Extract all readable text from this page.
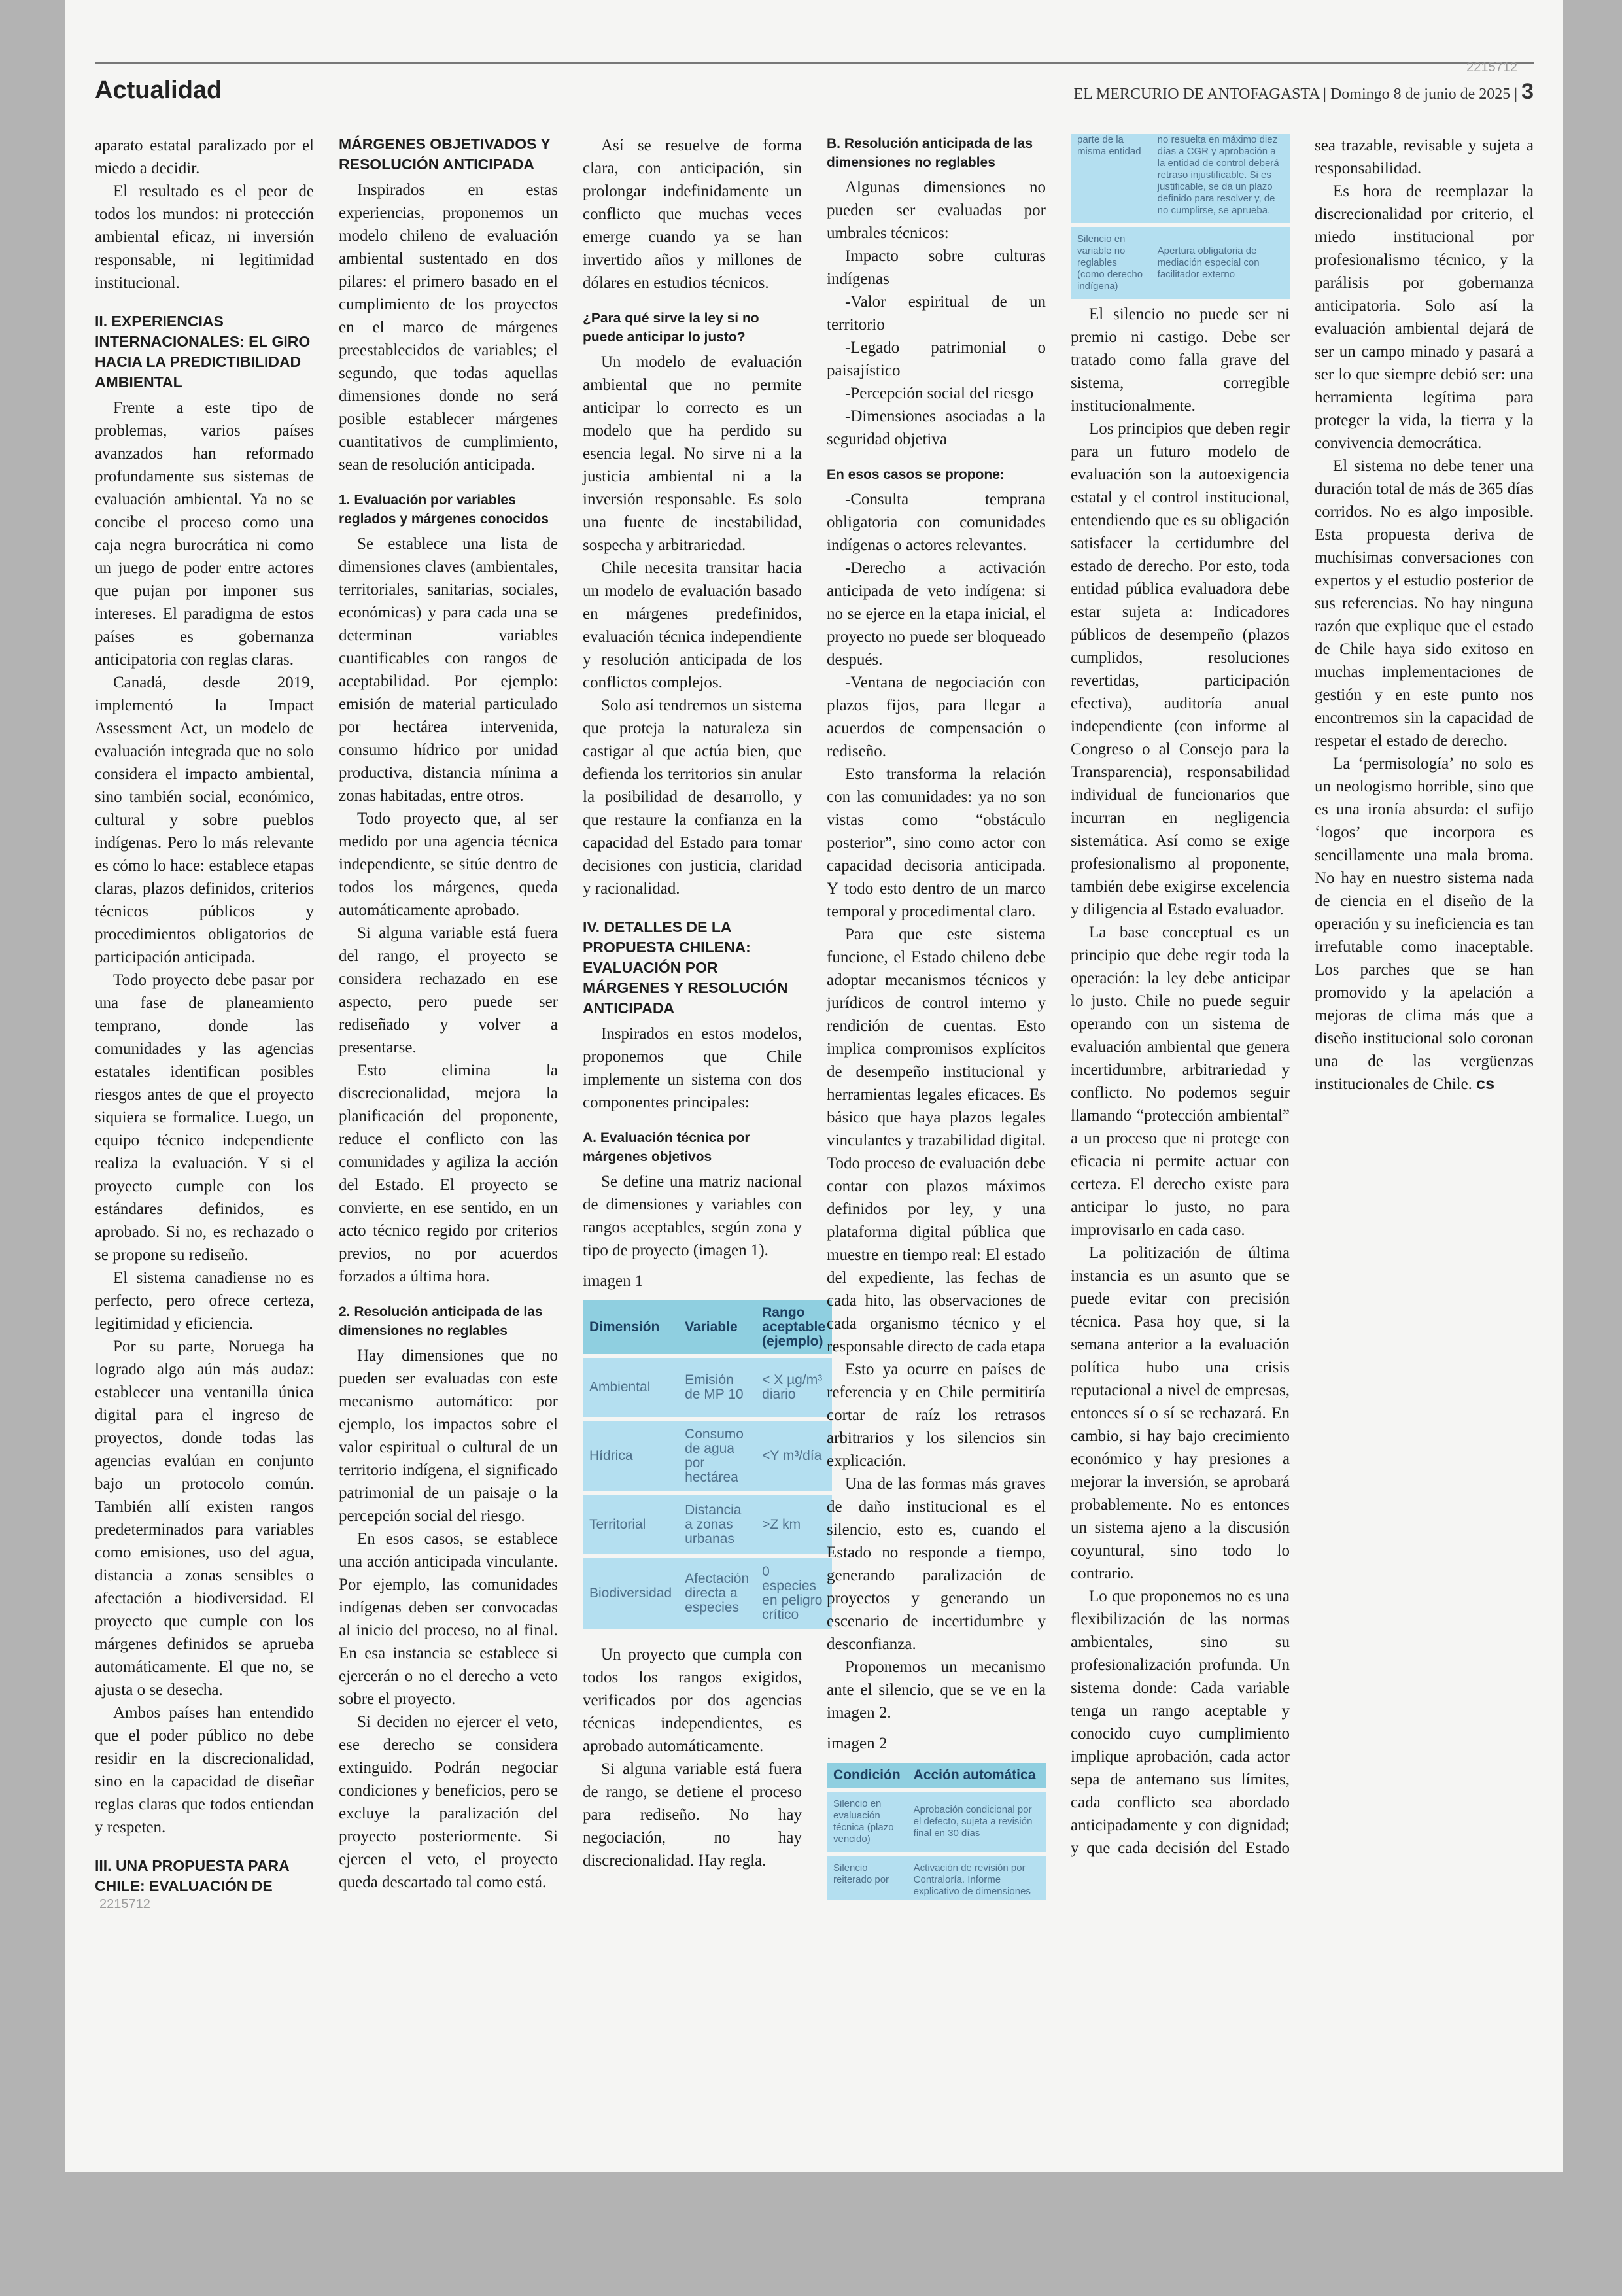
Actualidad	EL MERCURIO DE ANTOFAGASTA | Domingo 8 de junio de 2025 | 3
2215712

aparato estatal paralizado por el miedo a decidir.

El resultado es el peor de todos los mundos: ni protección ambiental eficaz, ni inversión responsable, ni legitimidad institucional.

II. EXPERIENCIAS INTERNACIONALES: EL GIRO HACIA LA PREDICTIBILIDAD AMBIENTAL

Frente a este tipo de problemas, varios países avanzados han reformado profundamente sus sistemas de evaluación ambiental. Ya no se concibe el proceso como una caja negra burocrática ni como un juego de poder entre actores que pujan por imponer sus intereses. El paradigma de estos países es gobernanza anticipatoria con reglas claras.

Canadá, desde 2019, implementó la Impact Assessment Act, un modelo de evaluación integrada que no solo considera el impacto ambiental, sino también social, económico, cultural y sobre pueblos indígenas. Pero lo más relevante es cómo lo hace: establece etapas claras, plazos definidos, criterios técnicos públicos y procedimientos obligatorios de participación anticipada.

Todo proyecto debe pasar por una fase de planeamiento temprano, donde las comunidades y las agencias estatales identifican posibles riesgos antes de que el proyecto siquiera se formalice. Luego, un equipo técnico independiente realiza la evaluación. Y si el proyecto cumple con los estándares definidos, es aprobado. Si no, es rechazado o se propone su rediseño.

El sistema canadiense no es perfecto, pero ofrece certeza, legitimidad y eficiencia.

Por su parte, Noruega ha logrado algo aún más audaz: establecer una ventanilla única digital para el ingreso de proyectos, donde todas las agencias evalúan en conjunto bajo un protocolo común. También allí existen rangos predeterminados para variables como emisiones, uso del agua, distancia a zonas sensibles o afectación a biodiversidad. El proyecto que cumple con los márgenes definidos se aprueba automáticamente. El que no, se ajusta o se desecha.

Ambos países han entendido que el poder público no debe residir en la discrecionalidad, sino en la capacidad de diseñar reglas claras que todos entiendan y respeten.

III. UNA PROPUESTA PARA CHILE: EVALUACIÓN DE MÁRGENES OBJETIVADOS Y RESOLUCIÓN ANTICIPADA

Inspirados en estas experiencias, proponemos un modelo chileno de evaluación ambiental sustentado en dos pilares: el primero basado en el cumplimiento de los proyectos en el marco de márgenes preestablecidos de variables; el segundo, que todas aquellas dimensiones donde no será posible establecer márgenes cuantitativos de cumplimiento, sean de resolución anticipada.

1. Evaluación por variables reglados y márgenes conocidos

Se establece una lista de dimensiones claves (ambientales, territoriales, sanitarias, sociales, económicas) y para cada una se determinan variables cuantificables con rangos de aceptabilidad. Por ejemplo: emisión de material particulado por hectárea intervenida, consumo hídrico por unidad productiva, distancia mínima a zonas habitadas, entre otros.

Todo proyecto que, al ser medido por una agencia técnica independiente, se sitúe dentro de todos los márgenes, queda automáticamente aprobado.

Si alguna variable está fuera del rango, el proyecto se considera rechazado en ese aspecto, pero puede ser rediseñado y volver a presentarse.

Esto elimina la discrecionalidad, mejora la planificación del proponente, reduce el conflicto con las comunidades y agiliza la acción del Estado. El proyecto se convierte, en ese sentido, en un acto técnico regido por criterios previos, no por acuerdos forzados a última hora.

2. Resolución anticipada de las dimensiones no reglables

Hay dimensiones que no pueden ser evaluadas con este mecanismo automático: por ejemplo, los impactos sobre el valor espiritual o cultural de un territorio indígena, el significado patrimonial de un paisaje o la percepción social del riesgo.

En esos casos, se establece una acción anticipada vinculante. Por ejemplo, las comunidades indígenas deben ser convocadas al inicio del proceso, no al final. En esa instancia se establece si ejercerán o no el derecho a veto sobre el proyecto.

Si deciden no ejercer el veto, ese derecho se considera extinguido. Podrán negociar condiciones y beneficios, pero se excluye la paralización del proyecto posteriormente. Si ejercen el veto, el proyecto queda descartado tal como está.

Así se resuelve de forma clara, con anticipación, sin prolongar indefinidamente un conflicto que muchas veces emerge cuando ya se han invertido años y millones de dólares en estudios técnicos.

¿Para qué sirve la ley si no puede anticipar lo justo?

Un modelo de evaluación ambiental que no permite anticipar lo correcto es un modelo que ha perdido su esencia legal. No sirve ni a la justicia ambiental ni a la inversión responsable. Es solo una fuente de inestabilidad, sospecha y arbitrariedad.

Chile necesita transitar hacia un modelo de evaluación basado en márgenes predefinidos, evaluación técnica independiente y resolución anticipada de los conflictos complejos.

Solo así tendremos un sistema que proteja la naturaleza sin castigar al que actúa bien, que defienda los territorios sin anular la posibilidad de desarrollo, y que restaure la confianza en la capacidad del Estado para tomar decisiones con justicia, claridad y racionalidad.

IV. DETALLES DE LA PROPUESTA CHILENA: EVALUACIÓN POR MÁRGENES Y RESOLUCIÓN ANTICIPADA

Inspirados en estos modelos, proponemos que Chile implemente un sistema con dos componentes principales:

A. Evaluación técnica por márgenes objetivos

Se define una matriz nacional de dimensiones y variables con rangos aceptables, según zona y tipo de proyecto (imagen 1).

imagen 1
Dimensión	Variable	Rango aceptable (ejemplo)
Ambiental	Emisión de MP 10	< X µg/m³ diario
Hídrica	Consumo de agua por hectárea	<Y m³/día
Territorial	Distancia a zonas urbanas	>Z km
Biodiversidad	Afectación directa a especies	0 especies en peligro crítico

Un proyecto que cumpla con todos los rangos exigidos, verificados por dos agencias técnicas independientes, es aprobado automáticamente.

Si alguna variable está fuera de rango, se detiene el proceso para rediseño. No hay negociación, no hay discrecionalidad. Hay regla.

B. Resolución anticipada de las dimensiones no reglables

Algunas dimensiones no pueden ser evaluadas por umbrales técnicos:

Impacto sobre culturas indígenas

-Valor espiritual de un territorio

-Legado patrimonial o paisajístico

-Percepción social del riesgo

-Dimensiones asociadas a la seguridad objetiva

En esos casos se propone:

-Consulta temprana obligatoria con comunidades indígenas o actores relevantes.

-Derecho a activación anticipada de veto indígena: si no se ejerce en la etapa inicial, el proyecto no puede ser bloqueado después.

-Ventana de negociación con plazos fijos, para llegar a acuerdos de compensación o rediseño.

Esto transforma la relación con las comunidades: ya no son vistas como “obstáculo posterior”, sino como actor con capacidad decisoria anticipada. Y todo esto dentro de un marco temporal y procedimental claro.

Para que este sistema funcione, el Estado chileno debe adoptar mecanismos técnicos y jurídicos de control interno y rendición de cuentas. Esto implica compromisos explícitos de desempeño institucional y herramientas legales eficaces. Es básico que haya plazos legales vinculantes y trazabilidad digital. Todo proceso de evaluación debe contar con plazos máximos definidos por ley, y una plataforma digital pública que muestre en tiempo real: El estado del expediente, las fechas de cada hito, las observaciones de cada organismo técnico y el responsable directo de cada etapa

Esto ya ocurre en países de referencia y en Chile permitiría cortar de raíz los retrasos arbitrarios y los silencios sin explicación.

Una de las formas más graves de daño institucional es el silencio, esto es, cuando el Estado no responde a tiempo, generando paralización de proyectos y generando un escenario de incertidumbre y desconfianza.

Proponemos un mecanismo ante el silencio, que se ve en la imagen 2.

imagen 2
Condición	Acción automática
Silencio en evaluación técnica (plazo vencido)	Aprobación condicional por el defecto, sujeta a revisión final en 30 días
Silencio reiterado por parte de la misma entidad	Activación de revisión por Contraloría. Informe explicativo de dimensiones no resuelta en máximo diez días a CGR y aprobación a la entidad de control deberá retraso injustificable. Si es justificable, se da un plazo definido para resolver y, de no cumplirse, se aprueba.
Silencio en variable no reglables (como derecho indígena)	Apertura obligatoria de mediación especial con facilitador externo

El silencio no puede ser ni premio ni castigo. Debe ser tratado como falla grave del sistema, corregible institucionalmente.

Los principios que deben regir para un futuro modelo de evaluación son la autoexigencia estatal y el control institucional, entendiendo que es su obligación satisfacer la certidumbre del estado de derecho. Por esto, toda entidad pública evaluadora debe estar sujeta a: Indicadores públicos de desempeño (plazos cumplidos, resoluciones revertidas, participación efectiva), auditoría anual independiente (con informe al Congreso o al Consejo para la Transparencia), responsabilidad individual de funcionarios que incurran en negligencia sistemática. Así como se exige profesionalismo al proponente, también debe exigirse excelencia y diligencia al Estado evaluador.

La base conceptual es un principio que debe regir toda la operación: la ley debe anticipar lo justo. Chile no puede seguir operando con un sistema de evaluación ambiental que genera incertidumbre, arbitrariedad y conflicto. No podemos seguir llamando “protección ambiental” a un proceso que ni protege con eficacia ni permite actuar con certeza. El derecho existe para anticipar lo justo, no para improvisarlo en cada caso.

La politización de última instancia es un asunto que se puede evitar con precisión técnica. Pasa hoy que, si la semana anterior a la evaluación política hubo una crisis reputacional a nivel de empresas, entonces sí o sí se rechazará. En cambio, si hay bajo crecimiento económico y hay presiones a mejorar la inversión, se aprobará probablemente. No es entonces un sistema ajeno a la discusión coyuntural, sino todo lo contrario.

Lo que proponemos no es una flexibilización de las normas ambientales, sino su profesionalización profunda. Un sistema donde: Cada variable tenga un rango aceptable y conocido cuyo cumplimiento implique aprobación, cada actor sepa de antemano sus límites, cada conflicto sea abordado anticipadamente y con dignidad; y que cada decisión del Estado sea trazable, revisable y sujeta a responsabilidad.

Es hora de reemplazar la discrecionalidad por criterio, el miedo institucional por profesionalismo técnico, y la parálisis por gobernanza anticipatoria. Solo así la evaluación ambiental dejará de ser un campo minado y pasará a ser lo que siempre debió ser: una herramienta legítima para proteger la vida, la tierra y la convivencia democrática.

El sistema no debe tener una duración total de más de 365 días corridos. No es algo imposible. Esta propuesta deriva de muchísimas conversaciones con expertos y el estudio posterior de sus referencias. No hay ninguna razón que explique que el estado de Chile haya sido exitoso en muchas implementaciones de gestión y en este punto nos encontremos sin la capacidad de respetar el estado de derecho.

La ‘permisología’ no solo es un neologismo horrible, sino que es una ironía absurda: el sufijo ‘logos’ que incorpora es sencillamente una mala broma. No hay en nuestro sistema nada de ciencia en el diseño de la operación y su ineficiencia es tan irrefutable como inaceptable. Los parches que se han promovido y la apelación a mejoras de clima más que a diseño institucional solo coronan una de las vergüenzas institucionales de Chile. cs

2215712
